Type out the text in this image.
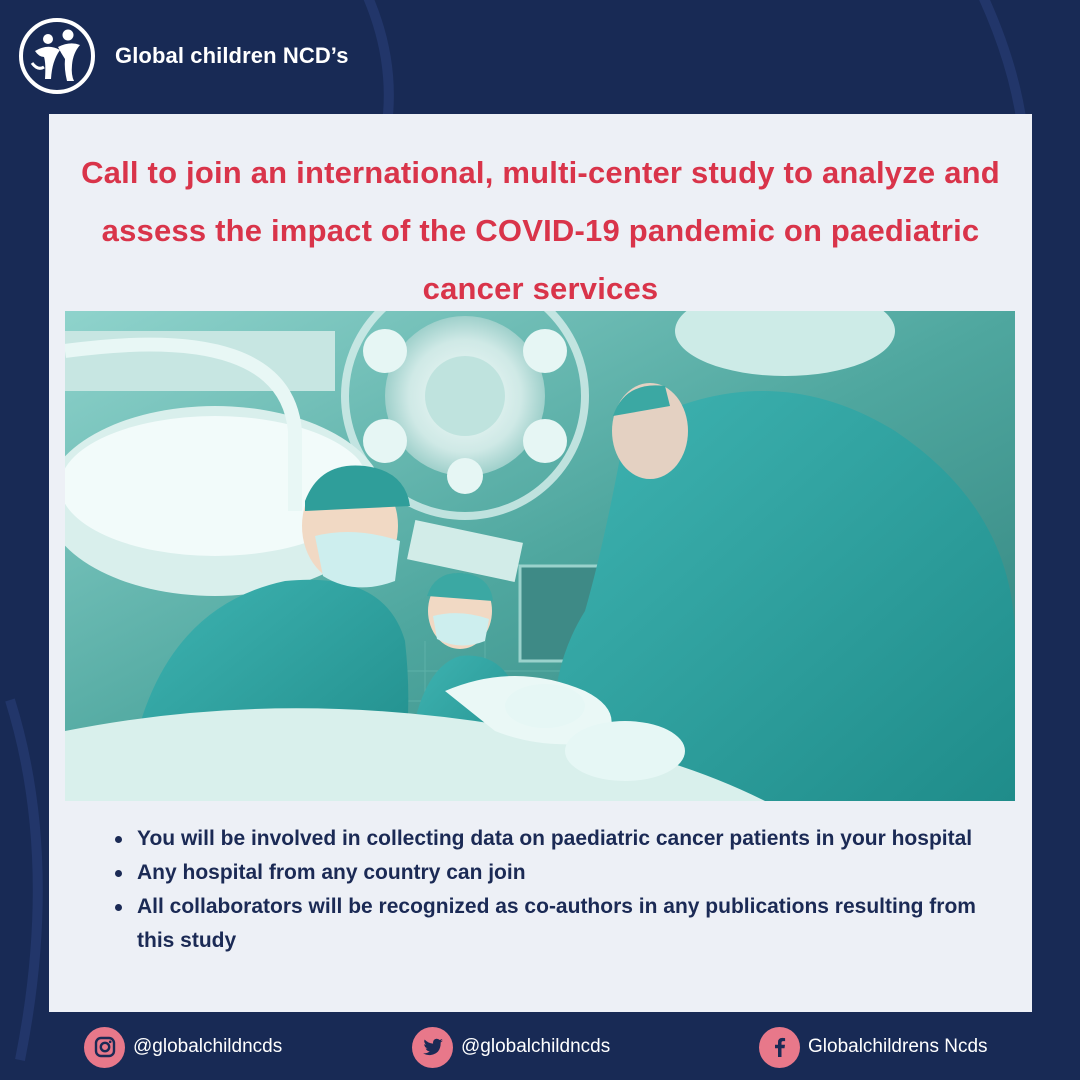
Global children NCD’s
Call to join an international, multi-center study to analyze and assess the impact of the COVID-19 pandemic on paediatric cancer services
You will be involved in collecting data on paediatric cancer patients in your hospital
Any hospital from any country can join
All collaborators will be recognized as co-authors in any publications resulting from this study
@globalchildncds	@globalchildncds	Globalchildrens Ncds
